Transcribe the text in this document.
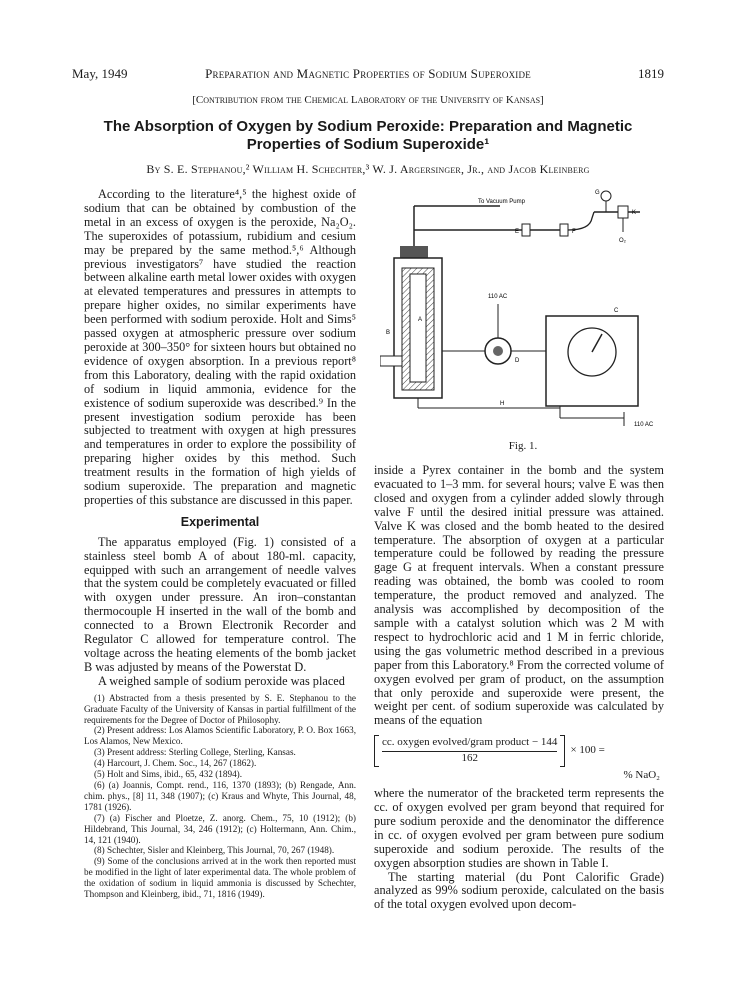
May, 1949	Preparation and Magnetic Properties of Sodium Superoxide	1819
[Contribution from the Chemical Laboratory of the University of Kansas]
The Absorption of Oxygen by Sodium Peroxide: Preparation and Magnetic Properties of Sodium Superoxide¹
By S. E. Stephanou,² William H. Schechter,³ W. J. Argersinger, Jr., and Jacob Kleinberg

According to the literature⁴,⁵ the highest oxide of sodium that can be obtained by combustion of the metal in an excess of oxygen is the peroxide, Na₂O₂. The superoxides of potassium, rubidium and cesium may be prepared by the same method.⁵,⁶ Although previous investigators⁷ have studied the reaction between alkaline earth metal lower oxides with oxygen at elevated temperatures and pressures in attempts to prepare higher oxides, no similar experiments have been performed with sodium peroxide. Holt and Sims⁵ passed oxygen at atmospheric pressure over sodium peroxide at 300–350° for sixteen hours but obtained no evidence of oxygen absorption. In a previous report⁸ from this Laboratory, dealing with the rapid oxidation of sodium in liquid ammonia, evidence for the existence of sodium superoxide was described.⁹ In the present investigation sodium peroxide has been subjected to treatment with oxygen at high pressures and temperatures in order to explore the possibility of preparing higher oxides by this method. Such treatment results in the formation of high yields of sodium superoxide. The preparation and magnetic properties of this substance are discussed in this paper.

Experimental

The apparatus employed (Fig. 1) consisted of a stainless steel bomb A of about 180-ml. capacity, equipped with such an arrangement of needle valves that the system could be completely evacuated or filled with oxygen under pressure. An iron–constantan thermocouple H inserted in the wall of the bomb and connected to a Brown Electronik Recorder and Regulator C allowed for temperature control. The voltage across the heating elements of the bomb jacket B was adjusted by means of the Powerstat D.

A weighed sample of sodium peroxide was placed

(1) Abstracted from a thesis presented by S. E. Stephanou to the Graduate Faculty of the University of Kansas in partial fulfillment of the requirements for the Degree of Doctor of Philosophy.
(2) Present address: Los Alamos Scientific Laboratory, P. O. Box 1663, Los Alamos, New Mexico.
(3) Present address: Sterling College, Sterling, Kansas.
(4) Harcourt, J. Chem. Soc., 14, 267 (1862).
(5) Holt and Sims, ibid., 65, 432 (1894).
(6) (a) Joannis, Compt. rend., 116, 1370 (1893); (b) Rengade, Ann. chim. phys., [8] 11, 348 (1907); (c) Kraus and Whyte, This Journal, 48, 1781 (1926).
(7) (a) Fischer and Ploetze, Z. anorg. Chem., 75, 10 (1912); (b) Hildebrand, This Journal, 34, 246 (1912); (c) Holtermann, Ann. Chim., 14, 121 (1940).
(8) Schechter, Sisler and Kleinberg, This Journal, 70, 267 (1948).
(9) Some of the conclusions arrived at in the work then reported must be modified in the light of later experimental data. The whole problem of the oxidation of sodium in liquid ammonia is discussed by Schechter, Thompson and Kleinberg, ibid., 71, 1816 (1949).
To Vacuum Pump
E	F
G
K
O₂
A
B
H
110 AC
D
C
110 AC
Fig. 1.

inside a Pyrex container in the bomb and the system evacuated to 1–3 mm. for several hours; valve E was then closed and oxygen from a cylinder added slowly through valve F until the desired initial pressure was attained. Valve K was closed and the bomb heated to the desired temperature. The absorption of oxygen at a particular temperature could be followed by reading the pressure gage G at frequent intervals. When a constant pressure reading was obtained, the bomb was cooled to room temperature, the product removed and analyzed. The analysis was accomplished by decomposition of the sample with a catalyst solution which was 2 M with respect to hydrochloric acid and 1 M in ferric chloride, using the gas volumetric method described in a previous paper from this Laboratory.⁸ From the corrected volume of oxygen evolved per gram of product, on the assumption that only peroxide and superoxide were present, the weight per cent. of sodium superoxide was calculated by means of the equation

$\frac{\text{cc. oxygen evolved/gram product − 144}}{162} \times 100$ =
% NaO₂

where the numerator of the bracketed term represents the cc. of oxygen evolved per gram beyond that required for pure sodium peroxide and the denominator the difference in cc. of oxygen evolved per gram between pure sodium superoxide and sodium peroxide. The results of the oxygen absorption studies are shown in Table I.

The starting material (du Pont Calorific Grade) analyzed as 99% sodium peroxide, calculated on the basis of the total oxygen evolved upon decom-
